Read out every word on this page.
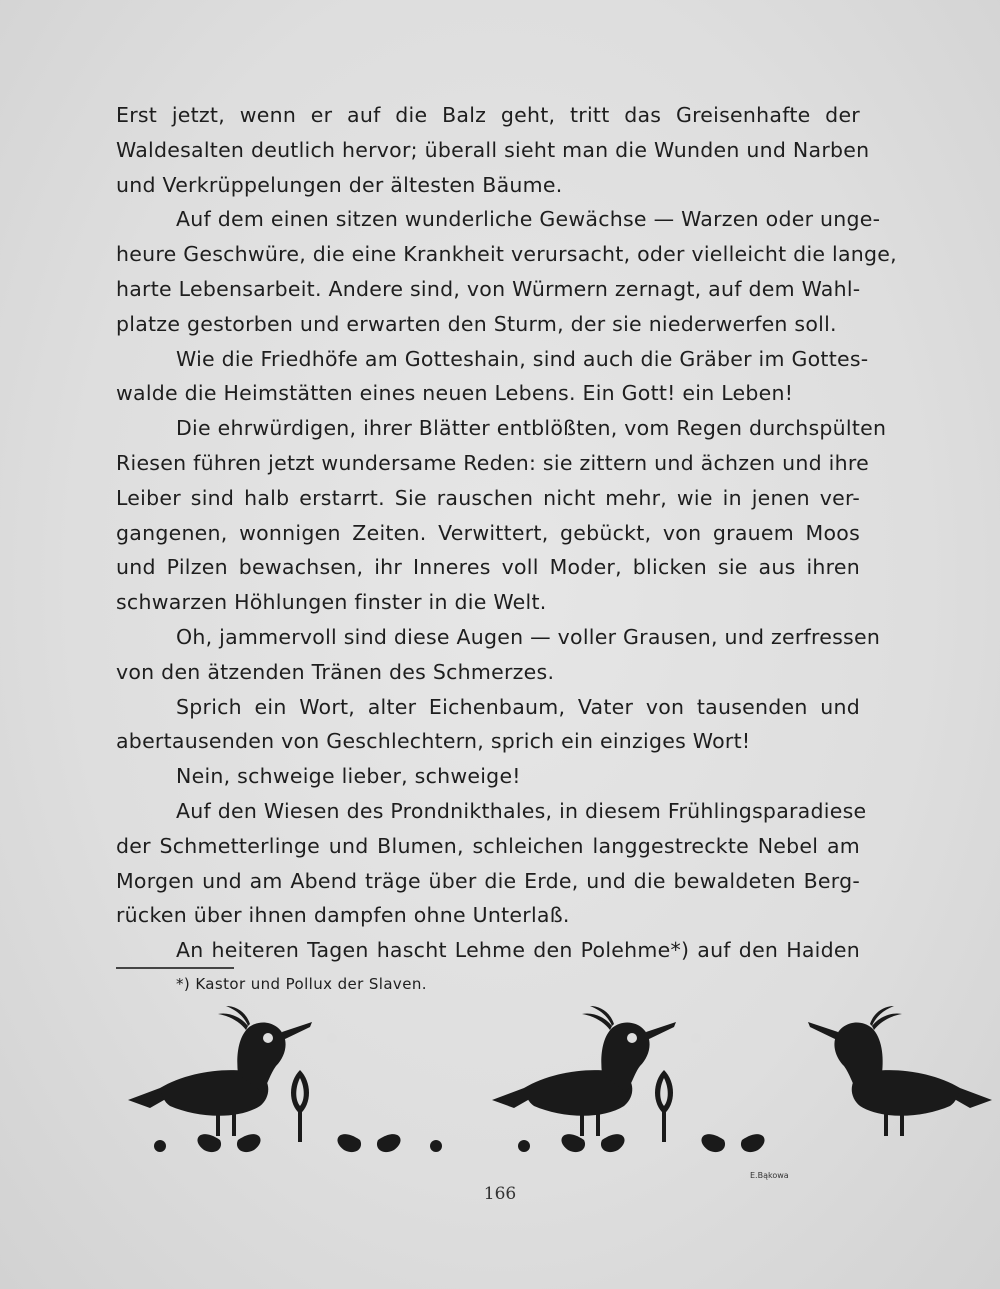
Erst jetzt, wenn er auf die Balz geht, tritt das Greisenhafte der
Waldesalten deutlich hervor; überall sieht man die Wunden und Narben
und Verkrüppelungen der ältesten Bäume.
Auf dem einen sitzen wunderliche Gewächse — Warzen oder unge-
heure Geschwüre, die eine Krankheit verursacht, oder vielleicht die lange,
harte Lebensarbeit. Andere sind, von Würmern zernagt, auf dem Wahl-
platze gestorben und erwarten den Sturm, der sie niederwerfen soll.
Wie die Friedhöfe am Gotteshain, sind auch die Gräber im Gottes-
walde die Heimstätten eines neuen Lebens. Ein Gott! ein Leben!
Die ehrwürdigen, ihrer Blätter entblößten, vom Regen durchspülten
Riesen führen jetzt wundersame Reden: sie zittern und ächzen und ihre
Leiber sind halb erstarrt. Sie rauschen nicht mehr, wie in jenen ver-
gangenen, wonnigen Zeiten. Verwittert, gebückt, von grauem Moos
und Pilzen bewachsen, ihr Inneres voll Moder, blicken sie aus ihren
schwarzen Höhlungen finster in die Welt.
Oh, jammervoll sind diese Augen — voller Grausen, und zerfressen
von den ätzenden Tränen des Schmerzes.
Sprich ein Wort, alter Eichenbaum, Vater von tausenden und
abertausenden von Geschlechtern, sprich ein einziges Wort!
Nein, schweige lieber, schweige!
Auf den Wiesen des Prondnikthales, in diesem Frühlingsparadiese
der Schmetterlinge und Blumen, schleichen langgestreckte Nebel am
Morgen und am Abend träge über die Erde, und die bewaldeten Berg-
rücken über ihnen dampfen ohne Unterlaß.
An heiteren Tagen hascht Lehme den Polehme*) auf den Haiden
*) Kastor und Pollux der Slaven.
E.Bąkowa
166
